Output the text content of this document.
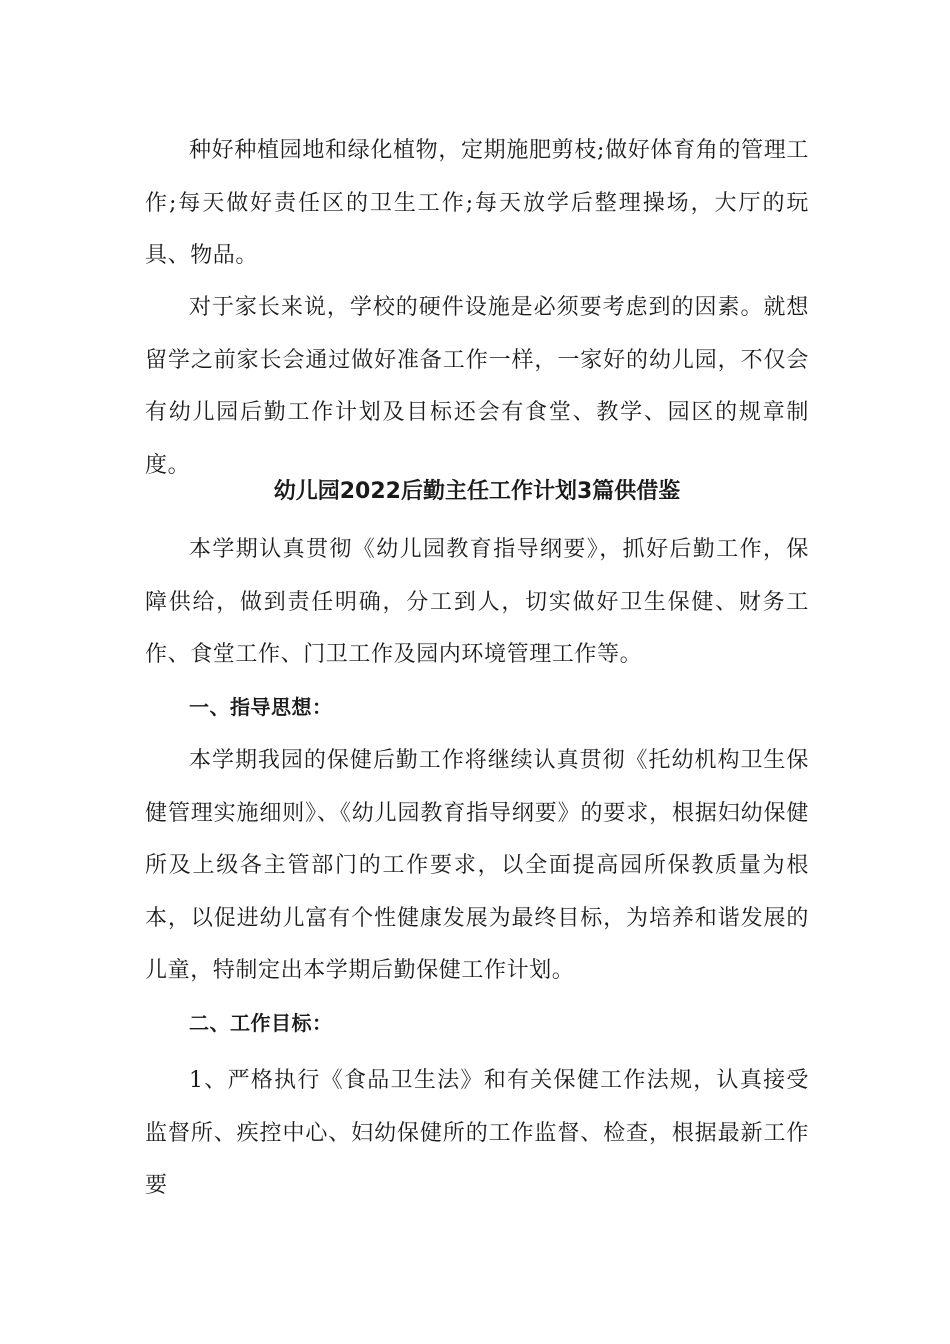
种好种植园地和绿化植物，定期施肥剪枝;做好体育角的管理工作;每天做好责任区的卫生工作;每天放学后整理操场，大厅的玩具、物品。

对于家长来说，学校的硬件设施是必须要考虑到的因素。就想留学之前家长会通过做好准备工作一样，一家好的幼儿园，不仅会有幼儿园后勤工作计划及目标还会有食堂、教学、园区的规章制度。

幼儿园2022后勤主任工作计划3篇供借鉴

本学期认真贯彻《幼儿园教育指导纲要》，抓好后勤工作，保障供给，做到责任明确，分工到人，切实做好卫生保健、财务工作、食堂工作、门卫工作及园内环境管理工作等。

一、指导思想：

本学期我园的保健后勤工作将继续认真贯彻《托幼机构卫生保健管理实施细则》、《幼儿园教育指导纲要》的要求，根据妇幼保健所及上级各主管部门的工作要求，以全面提高园所保教质量为根本，以促进幼儿富有个性健康发展为最终目标，为培养和谐发展的儿童，特制定出本学期后勤保健工作计划。

二、工作目标：

1、严格执行《食品卫生法》和有关保健工作法规，认真接受监督所、疾控中心、妇幼保健所的工作监督、检查，根据最新工作要
